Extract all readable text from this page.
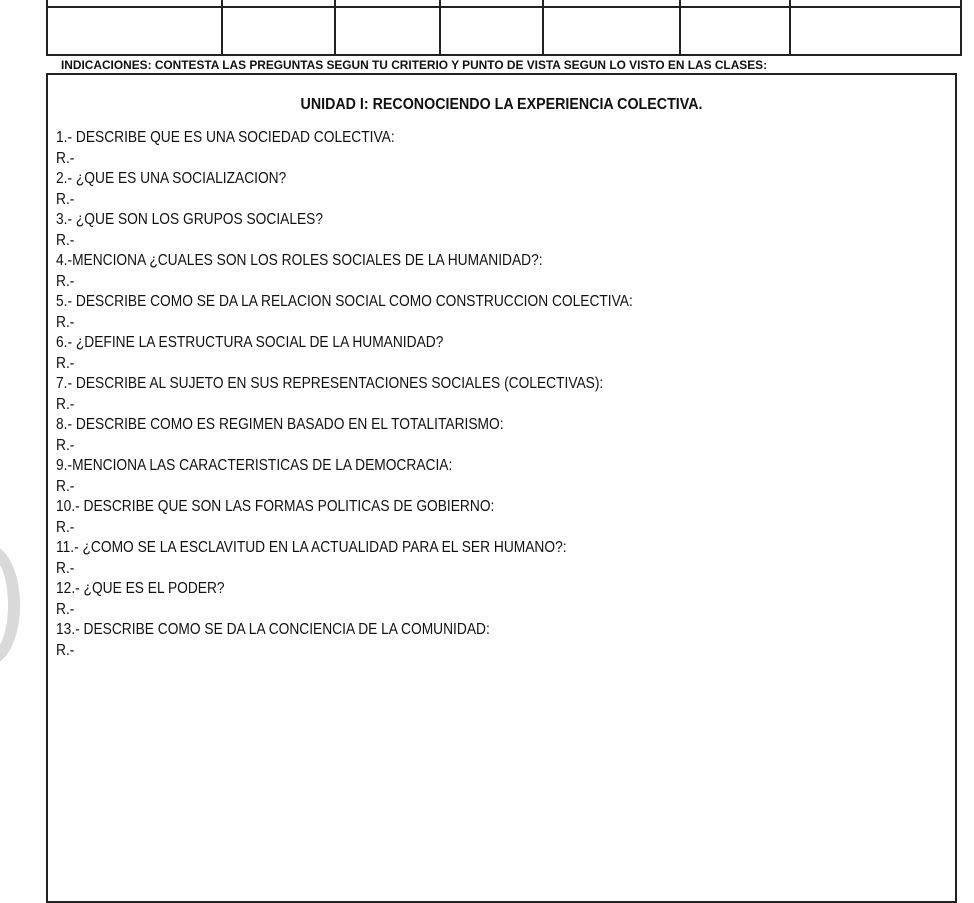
INDICACIONES: CONTESTA LAS PREGUNTAS SEGUN TU CRITERIO Y PUNTO DE VISTA SEGUN LO VISTO EN LAS CLASES:
UNIDAD I: RECONOCIENDO LA EXPERIENCIA COLECTIVA.
1.- DESCRIBE QUE ES UNA SOCIEDAD COLECTIVA:
R.-
2.- ¿QUE ES UNA SOCIALIZACION?
R.-
3.- ¿QUE SON LOS GRUPOS SOCIALES?
R.-
4.-MENCIONA ¿CUALES SON LOS ROLES SOCIALES DE LA HUMANIDAD?:
R.-
5.- DESCRIBE COMO SE DA LA RELACION SOCIAL COMO CONSTRUCCION COLECTIVA:
R.-
6.- ¿DEFINE LA ESTRUCTURA SOCIAL DE LA HUMANIDAD?
R.-
7.- DESCRIBE AL SUJETO EN SUS REPRESENTACIONES SOCIALES (COLECTIVAS):
R.-
8.- DESCRIBE COMO ES REGIMEN BASADO EN EL TOTALITARISMO:
R.-
9.-MENCIONA LAS CARACTERISTICAS DE LA DEMOCRACIA:
R.-
10.- DESCRIBE QUE SON LAS FORMAS POLITICAS DE GOBIERNO:
R.-
11.- ¿COMO SE LA ESCLAVITUD EN LA ACTUALIDAD PARA EL SER HUMANO?:
R.-
12.- ¿QUE ES EL PODER?
R.-
13.- DESCRIBE COMO SE DA LA CONCIENCIA DE LA COMUNIDAD:
R.-
